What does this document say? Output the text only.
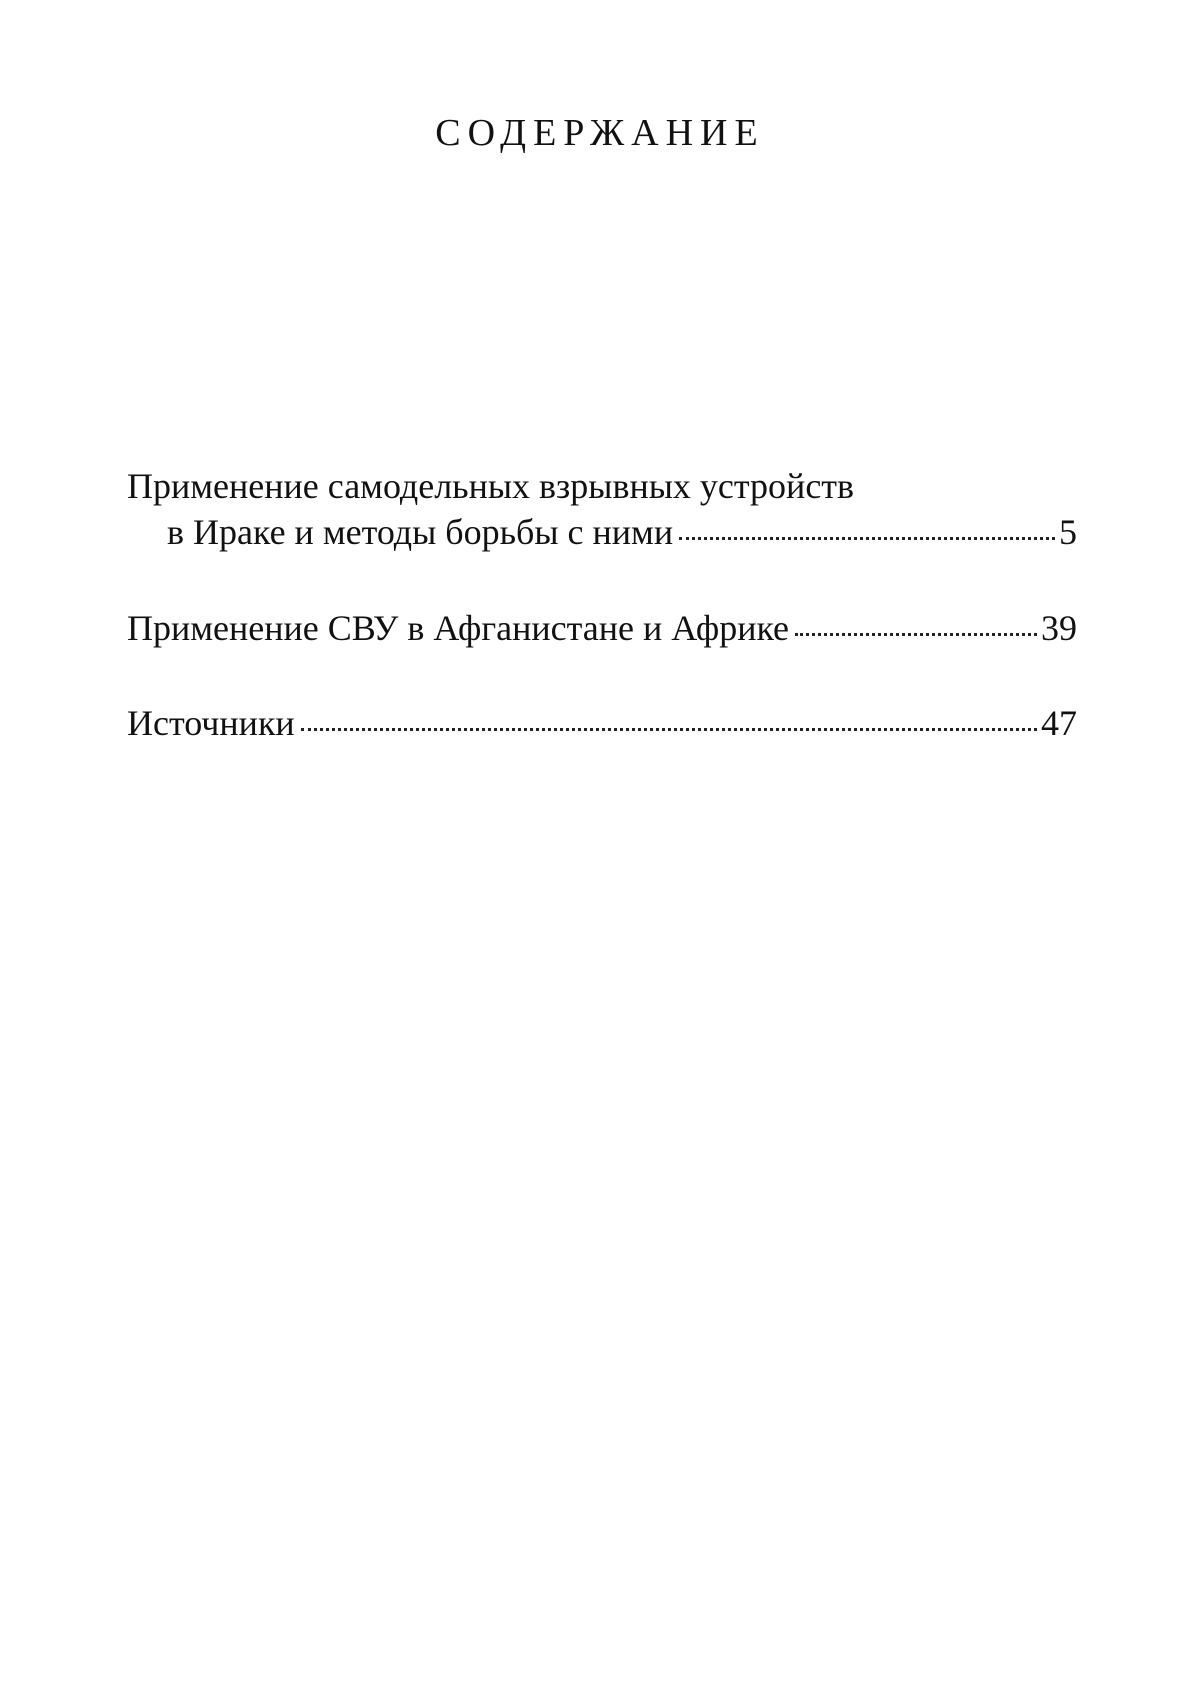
СОДЕРЖАНИЕ
Применение самодельных взрывных устройств
в Ираке и методы борьбы с ними	5
Применение СВУ в Афганистане и Африке	39
Источники	47
